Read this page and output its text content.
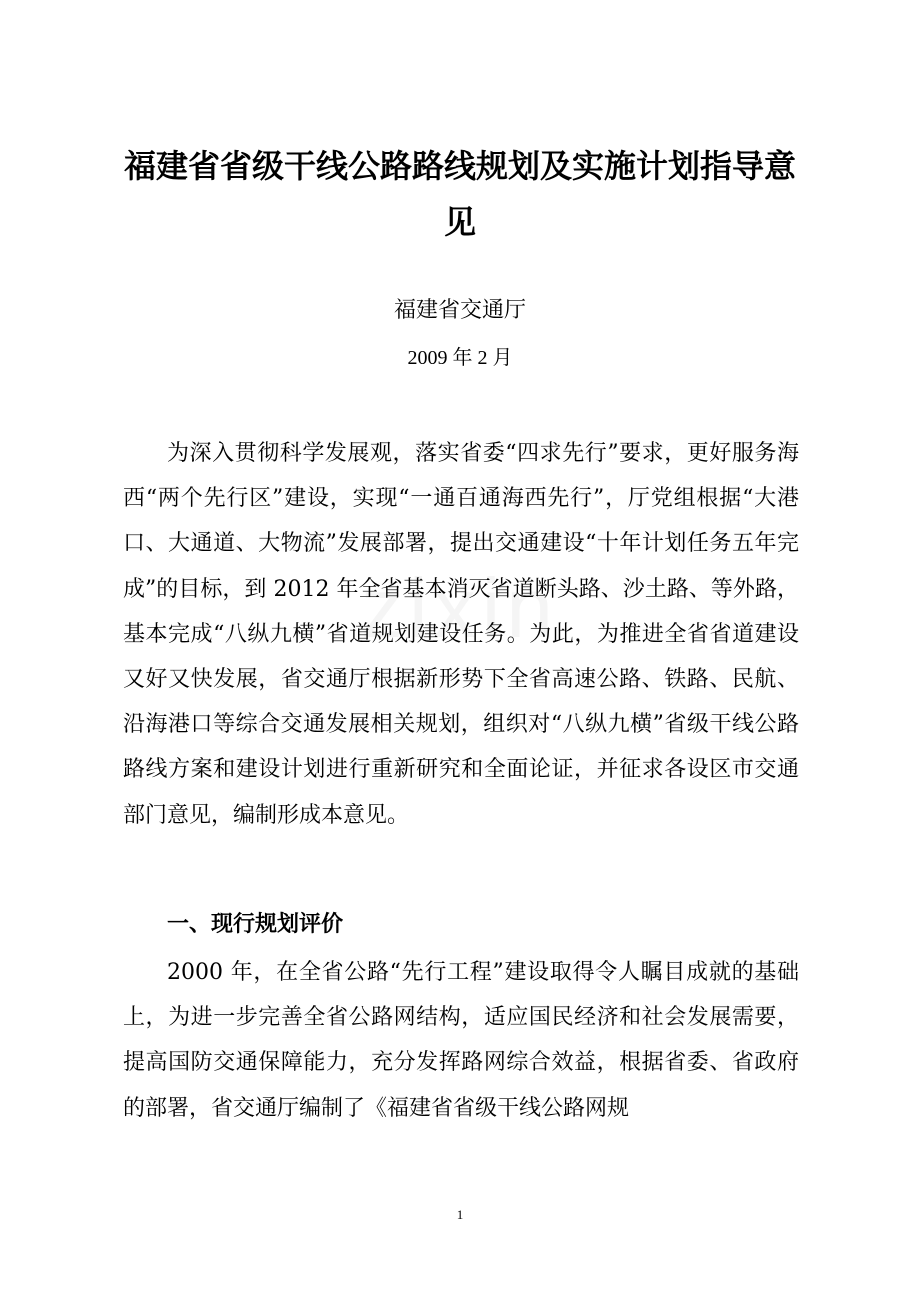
zixin
福建省省级干线公路路线规划及实施计划指导意见
福建省交通厅
2009 年 2 月

为深入贯彻科学发展观，落实省委“四求先行”要求，更好服务海西“两个先行区”建设，实现“一通百通海西先行”，厅党组根据“大港口、大通道、大物流”发展部署，提出交通建设“十年计划任务五年完成”的目标，到 2012 年全省基本消灭省道断头路、沙土路、等外路，基本完成“八纵九横”省道规划建设任务。为此，为推进全省省道建设又好又快发展，省交通厅根据新形势下全省高速公路、铁路、民航、沿海港口等综合交通发展相关规划，组织对“八纵九横”省级干线公路路线方案和建设计划进行重新研究和全面论证，并征求各设区市交通部门意见，编制形成本意见。

一、现行规划评价

2000 年，在全省公路“先行工程”建设取得令人瞩目成就的基础上，为进一步完善全省公路网结构，适应国民经济和社会发展需要，提高国防交通保障能力，充分发挥路网综合效益，根据省委、省政府的部署，省交通厅编制了《福建省省级干线公路网规

1
